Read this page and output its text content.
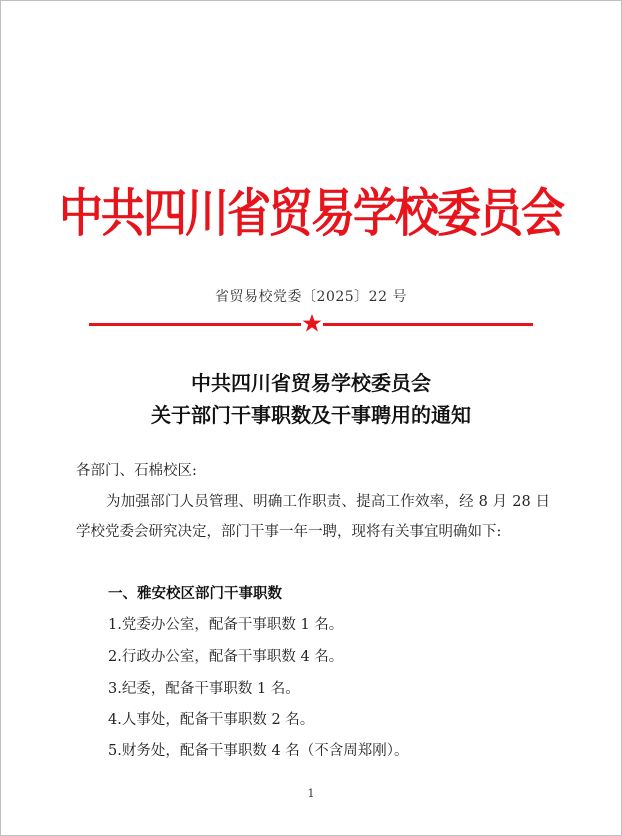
中共四川省贸易学校委员会
省贸易校党委〔2025〕22 号
中共四川省贸易学校委员会
关于部门干事职数及干事聘用的通知
各部门、石棉校区:
为加强部门人员管理、明确工作职责、提高工作效率，经 8 月 28 日学校党委会研究决定，部门干事一年一聘，现将有关事宜明确如下:
一、雅安校区部门干事职数
1.党委办公室，配备干事职数 1 名。
2.行政办公室，配备干事职数 4 名。
3.纪委，配备干事职数 1 名。
4.人事处，配备干事职数 2 名。
5.财务处，配备干事职数 4 名（不含周郑刚）。
1
